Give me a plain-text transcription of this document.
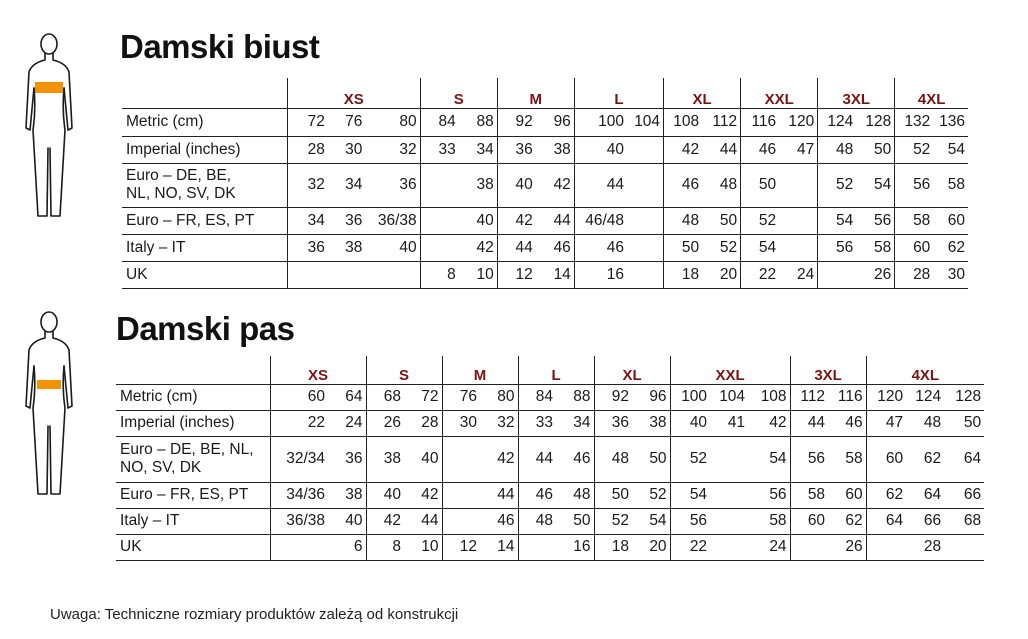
Damski biust
Damski pas
	XS			S		M		L		XL		XXL		3XL		4XL	

Metric (cm)	72	76	80	84	88	92	96	100	104	108	112	116	120	124	128	132	136

Imperial (inches)	28	30	32	33	34	36	38	40		42	44	46	47	48	50	52	54

Euro – DE, BE,
NL, NO, SV, DK	32	34	36		38	40	42	44		46	48	50		52	54	56	58

Euro – FR, ES, PT	34	36	36/38		40	42	44	46/48		48	50	52		54	56	58	60

Italy – IT	36	38	40		42	44	46	46		50	52	54		56	58	60	62

UK				8	10	12	14	16		18	20	22	24		26	28	30
	XS		S		M		L		XL		XXL			3XL		4XL		

Metric (cm)	60	64	68	72	76	80	84	88	92	96	100	104	108	112	116	120	124	128

Imperial (inches)	22	24	26	28	30	32	33	34	36	38	40	41	42	44	46	47	48	50

Euro – DE, BE, NL,
NO, SV, DK	32/34	36	38	40		42	44	46	48	50	52		54	56	58	60	62	64

Euro – FR, ES, PT	34/36	38	40	42		44	46	48	50	52	54		56	58	60	62	64	66

Italy – IT	36/38	40	42	44		46	48	50	52	54	56		58	60	62	64	66	68

UK		6	8	10	12	14		16	18	20	22		24		26		28	
Uwaga: Techniczne rozmiary produktów zależą od konstrukcji
